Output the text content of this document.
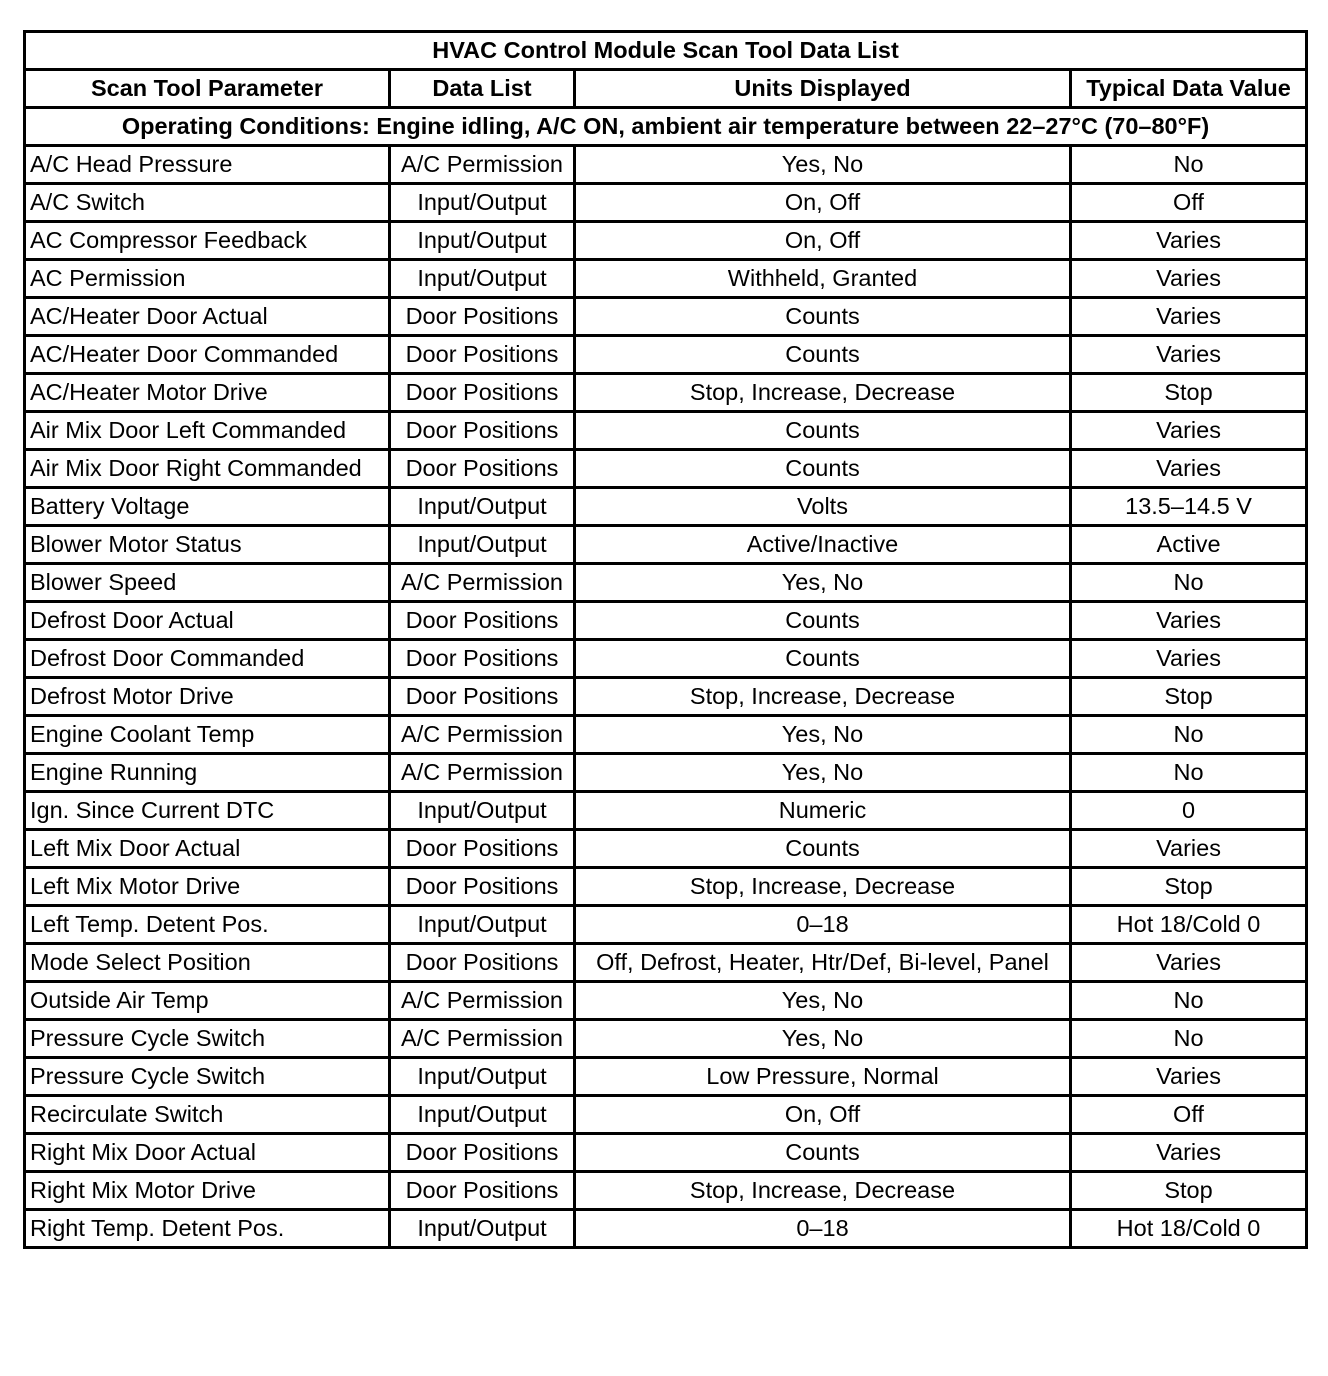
HVAC Control Module Scan Tool Data List			
Scan Tool Parameter	Data List	Units Displayed	Typical Data Value
Operating Conditions: Engine idling, A/C ON, ambient air temperature between 22–27°C (70–80°F)			
A/C Head Pressure	A/C Permission	Yes, No	No
A/C Switch	Input/Output	On, Off	Off
AC Compressor Feedback	Input/Output	On, Off	Varies
AC Permission	Input/Output	Withheld, Granted	Varies
AC/Heater Door Actual	Door Positions	Counts	Varies
AC/Heater Door Commanded	Door Positions	Counts	Varies
AC/Heater Motor Drive	Door Positions	Stop, Increase, Decrease	Stop
Air Mix Door Left Commanded	Door Positions	Counts	Varies
Air Mix Door Right Commanded	Door Positions	Counts	Varies
Battery Voltage	Input/Output	Volts	13.5–14.5 V
Blower Motor Status	Input/Output	Active/Inactive	Active
Blower Speed	A/C Permission	Yes, No	No
Defrost Door Actual	Door Positions	Counts	Varies
Defrost Door Commanded	Door Positions	Counts	Varies
Defrost Motor Drive	Door Positions	Stop, Increase, Decrease	Stop
Engine Coolant Temp	A/C Permission	Yes, No	No
Engine Running	A/C Permission	Yes, No	No
Ign. Since Current DTC	Input/Output	Numeric	0
Left Mix Door Actual	Door Positions	Counts	Varies
Left Mix Motor Drive	Door Positions	Stop, Increase, Decrease	Stop
Left Temp. Detent Pos.	Input/Output	0–18	Hot 18/Cold 0
Mode Select Position	Door Positions	Off, Defrost, Heater, Htr/Def, Bi-level, Panel	Varies
Outside Air Temp	A/C Permission	Yes, No	No
Pressure Cycle Switch	A/C Permission	Yes, No	No
Pressure Cycle Switch	Input/Output	Low Pressure, Normal	Varies
Recirculate Switch	Input/Output	On, Off	Off
Right Mix Door Actual	Door Positions	Counts	Varies
Right Mix Motor Drive	Door Positions	Stop, Increase, Decrease	Stop
Right Temp. Detent Pos.	Input/Output	0–18	Hot 18/Cold 0
